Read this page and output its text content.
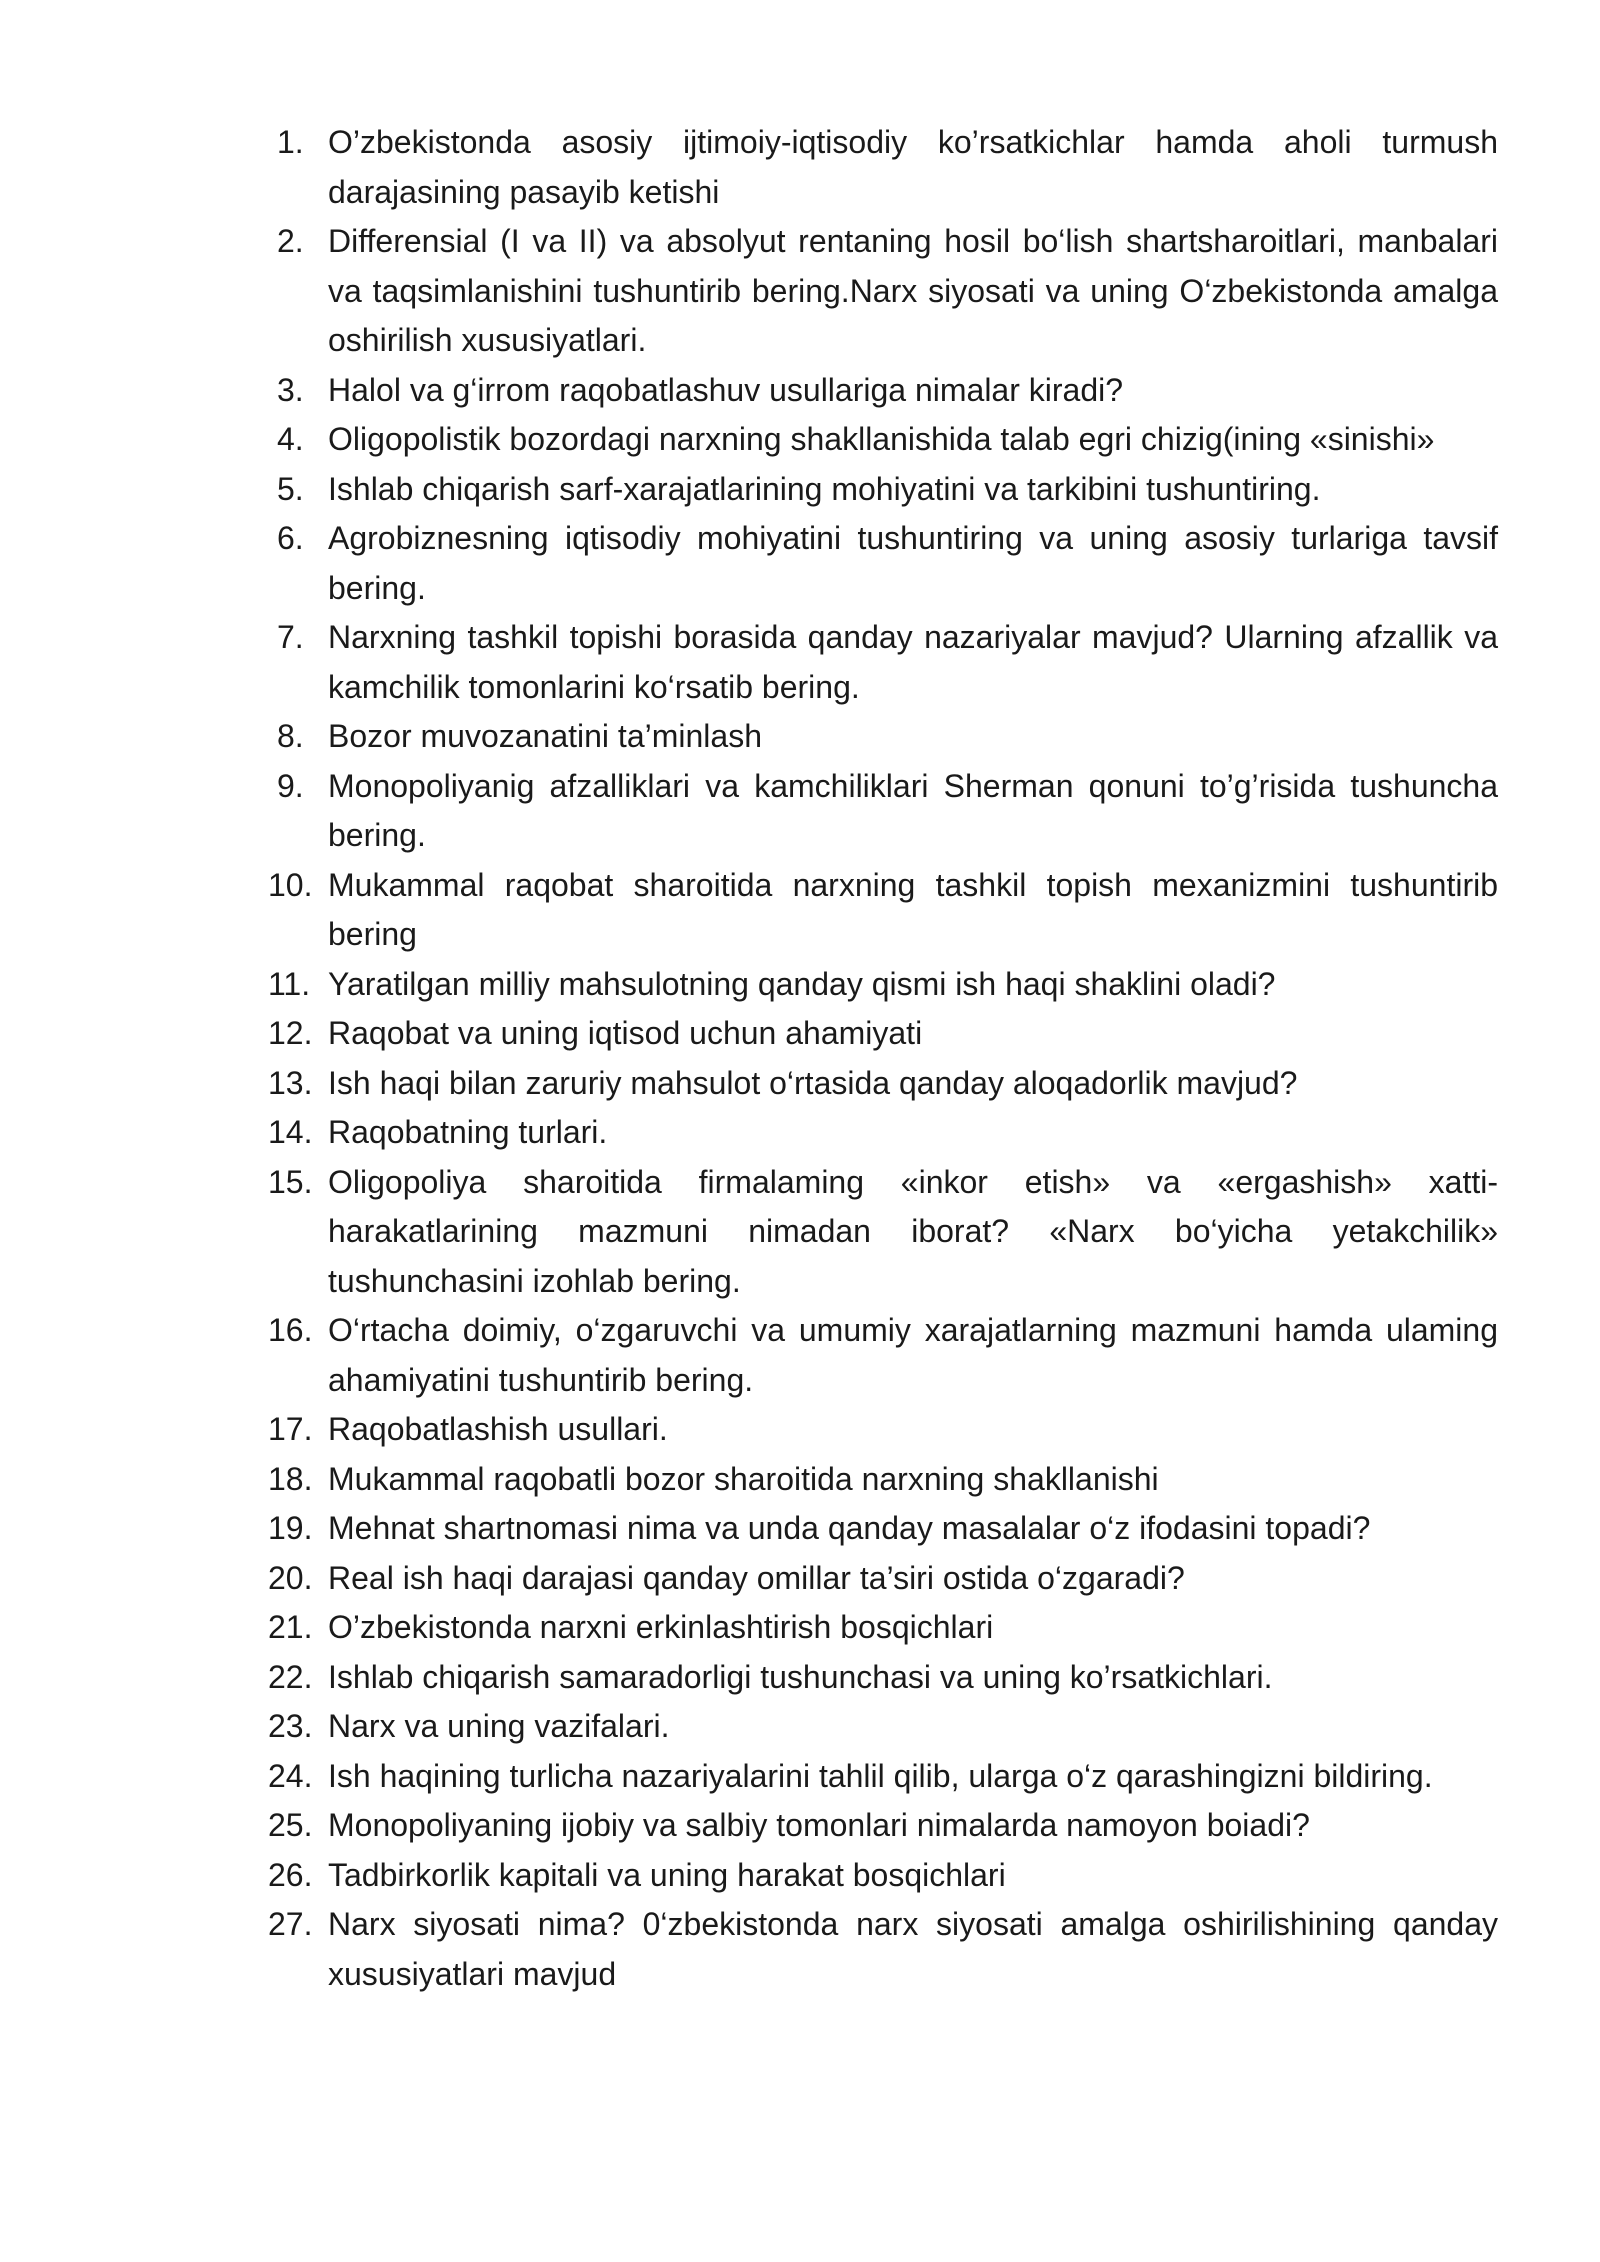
1. O’zbekistonda asosiy ijtimoiy-iqtisodiy ko’rsatkichlar hamda aholi turmush darajasining pasayib ketishi
2. Differensial (I va II) va absolyut rentaning hosil bo‘lish shartsharoitlari, manbalari va taqsimlanishini tushuntirib bering.Narx siyosati va uning O‘zbekistonda amalga oshirilish xususiyatlari.
3. Halol va g‘irrom raqobatlashuv usullariga nimalar kiradi?
4. Oligopolistik bozordagi narxning shakllanishida talab egri chizig(ining «sinishi»
5. Ishlab chiqarish sarf-xarajatlarining mohiyatini va tarkibini tushuntiring.
6. Agrobiznesning iqtisodiy mohiyatini tushuntiring va uning asosiy turlariga tavsif bering.
7. Narxning tashkil topishi borasida qanday nazariyalar mavjud? Ularning afzallik va kamchilik tomonlarini ko‘rsatib bering.
8. Bozor muvozanatini ta’minlash
9. Monopoliyanig afzalliklari va kamchiliklari Sherman qonuni to’g’risida tushuncha bering.
10. Mukammal raqobat sharoitida narxning tashkil topish mexanizmini tushuntirib bering
11. Yaratilgan milliy mahsulotning qanday qismi ish haqi shaklini oladi?
12. Raqobat va uning iqtisod uchun ahamiyati
13. Ish haqi bilan zaruriy mahsulot o‘rtasida qanday aloqadorlik mavjud?
14. Raqobatning turlari.
15. Oligopoliya sharoitida firmalaming «inkor etish» va «ergashish» xatti-harakatlarining mazmuni nimadan iborat? «Narx bo‘yicha yetakchilik» tushunchasini izohlab bering.
16. O‘rtacha doimiy, o‘zgaruvchi va umumiy xarajatlarning mazmuni hamda ulaming ahamiyatini tushuntirib bering.
17. Raqobatlashish usullari.
18. Mukammal raqobatli bozor sharoitida narxning shakllanishi
19. Mehnat shartnomasi nima va unda qanday masalalar o‘z ifodasini topadi?
20. Real ish haqi darajasi qanday omillar ta’siri ostida o‘zgaradi?
21. O’zbekistonda narxni erkinlashtirish bosqichlari
22. Ishlab chiqarish samaradorligi tushunchasi va uning ko’rsatkichlari.
23. Narx va uning vazifalari.
24. Ish haqining turlicha nazariyalarini tahlil qilib, ularga o‘z qarashingizni bildiring.
25. Monopoliyaning ijobiy va salbiy tomonlari nimalarda namoyon boiadi?
26. Tadbirkorlik kapitali va uning harakat bosqichlari
27. Narx siyosati nima? 0‘zbekistonda narx siyosati amalga oshirilishining qanday xususiyatlari mavjud
